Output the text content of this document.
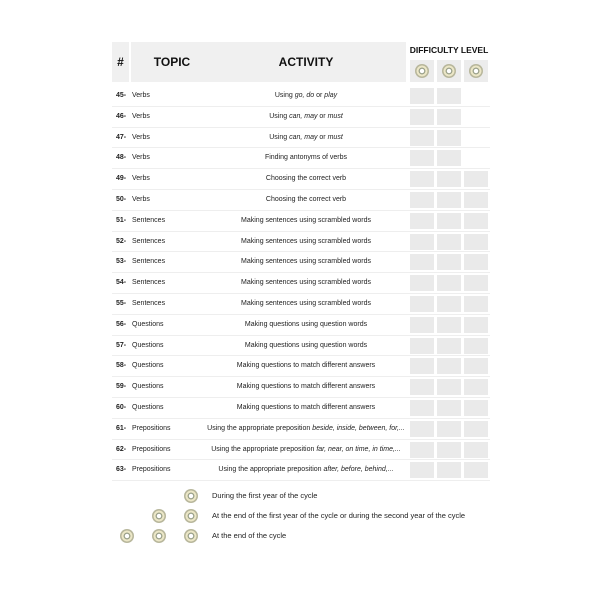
#	TOPIC	ACTIVITY
DIFFICULTY LEVEL
45- Verbs	Using go, do or play
46- Verbs	Using can, may or must
47- Verbs	Using can, may or must
48- Verbs	Finding antonyms of verbs
49- Verbs	Choosing the correct verb
50- Verbs	Choosing the correct verb
51- Sentences	Making sentences using scrambled words
52- Sentences	Making sentences using scrambled words
53- Sentences	Making sentences using scrambled words
54- Sentences	Making sentences using scrambled words
55- Sentences	Making sentences using scrambled words
56- Questions	Making questions using question words
57- Questions	Making questions using question words
58- Questions	Making questions to match different answers
59- Questions	Making questions to match different answers
60- Questions	Making questions to match different answers
61- Prepositions	Using the appropriate preposition beside, inside, between, for,...
62- Prepositions	Using the appropriate preposition far, near, on time, in time,...
63- Prepositions	Using the appropriate preposition after, before, behind,...
During the first year of the cycle
At the end of the first year of the cycle or during the second year of the cycle
At the end of the cycle
